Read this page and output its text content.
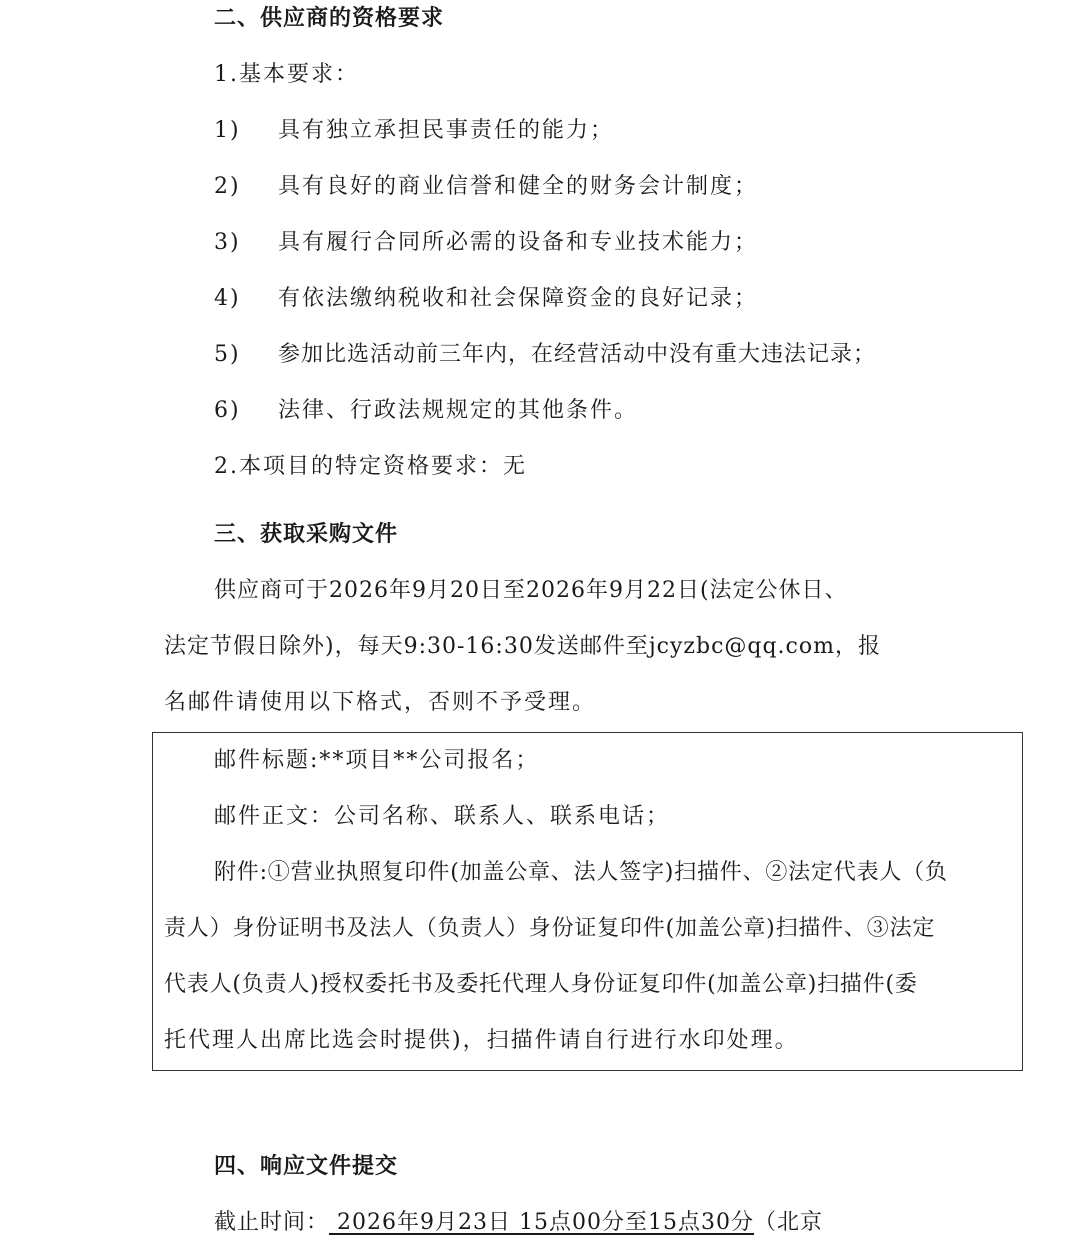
二、供应商的资格要求
1.基本要求：
1) 具有独立承担民事责任的能力；
2) 具有良好的商业信誉和健全的财务会计制度；
3) 具有履行合同所必需的设备和专业技术能力；
4) 有依法缴纳税收和社会保障资金的良好记录；
5) 参加比选活动前三年内，在经营活动中没有重大违法记录；
6) 法律、行政法规规定的其他条件。
2.本项目的特定资格要求：无
三、获取采购文件
供应商可于2026年9月20日至2026年9月22日(法定公休日、
法定节假日除外)，每天9:30-16:30发送邮件至jcyzbc@qq.com，报
名邮件请使用以下格式，否则不予受理。
邮件标题:**项目**公司报名；
邮件正文：公司名称、联系人、联系电话；
附件:①营业执照复印件(加盖公章、法人签字)扫描件、②法定代表人（负
责人）身份证明书及法人（负责人）身份证复印件(加盖公章)扫描件、③法定
代表人(负责人)授权委托书及委托代理人身份证复印件(加盖公章)扫描件(委
托代理人出席比选会时提供)，扫描件请自行进行水印处理。
四、响应文件提交
截止时间： 2026年9月23日 15点00分至15点30分（北京
